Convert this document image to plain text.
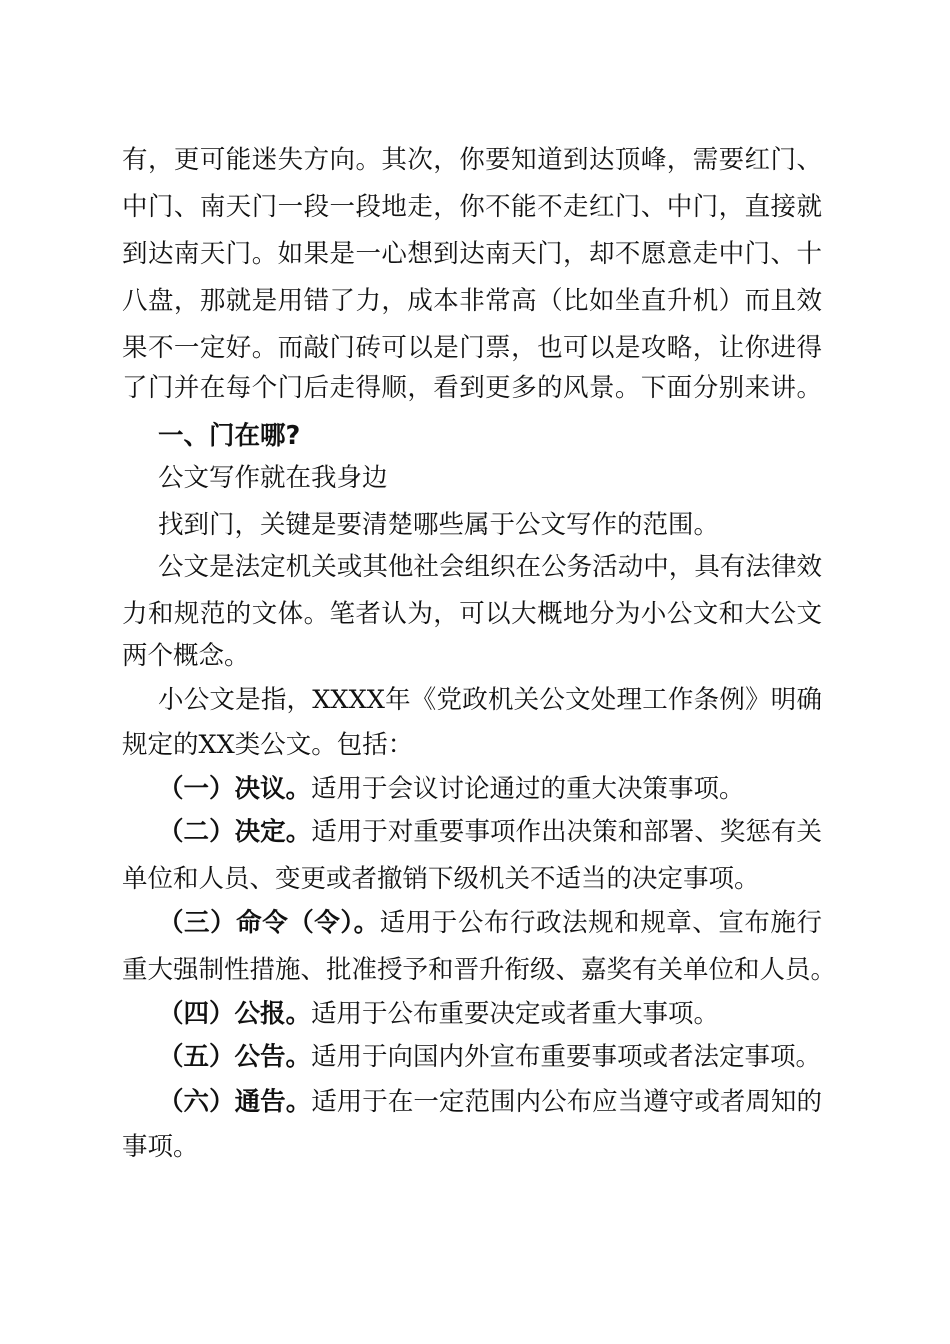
有，更可能迷失方向。其次，你要知道到达顶峰，需要红门、
中门、南天门一段一段地走，你不能不走红门、中门，直接就
到达南天门。如果是一心想到达南天门，却不愿意走中门、十
八盘，那就是用错了力，成本非常高（比如坐直升机）而且效
果不一定好。而敲门砖可以是门票，也可以是攻略，让你进得
了门并在每个门后走得顺，看到更多的风景。下面分别来讲。
一、门在哪?
公文写作就在我身边
找到门，关键是要清楚哪些属于公文写作的范围。
公文是法定机关或其他社会组织在公务活动中，具有法律效
力和规范的文体。笔者认为，可以大概地分为小公文和大公文
两个概念。
小公文是指，XXXX年《党政机关公文处理工作条例》明确
规定的XX类公文。包括：
（一）决议。适用于会议讨论通过的重大决策事项。
（二）决定。适用于对重要事项作出决策和部署、奖惩有关
单位和人员、变更或者撤销下级机关不适当的决定事项。
（三）命令（令）。适用于公布行政法规和规章、宣布施行
重大强制性措施、批准授予和晋升衔级、嘉奖有关单位和人员。
（四）公报。适用于公布重要决定或者重大事项。
（五）公告。适用于向国内外宣布重要事项或者法定事项。
（六）通告。适用于在一定范围内公布应当遵守或者周知的
事项。
